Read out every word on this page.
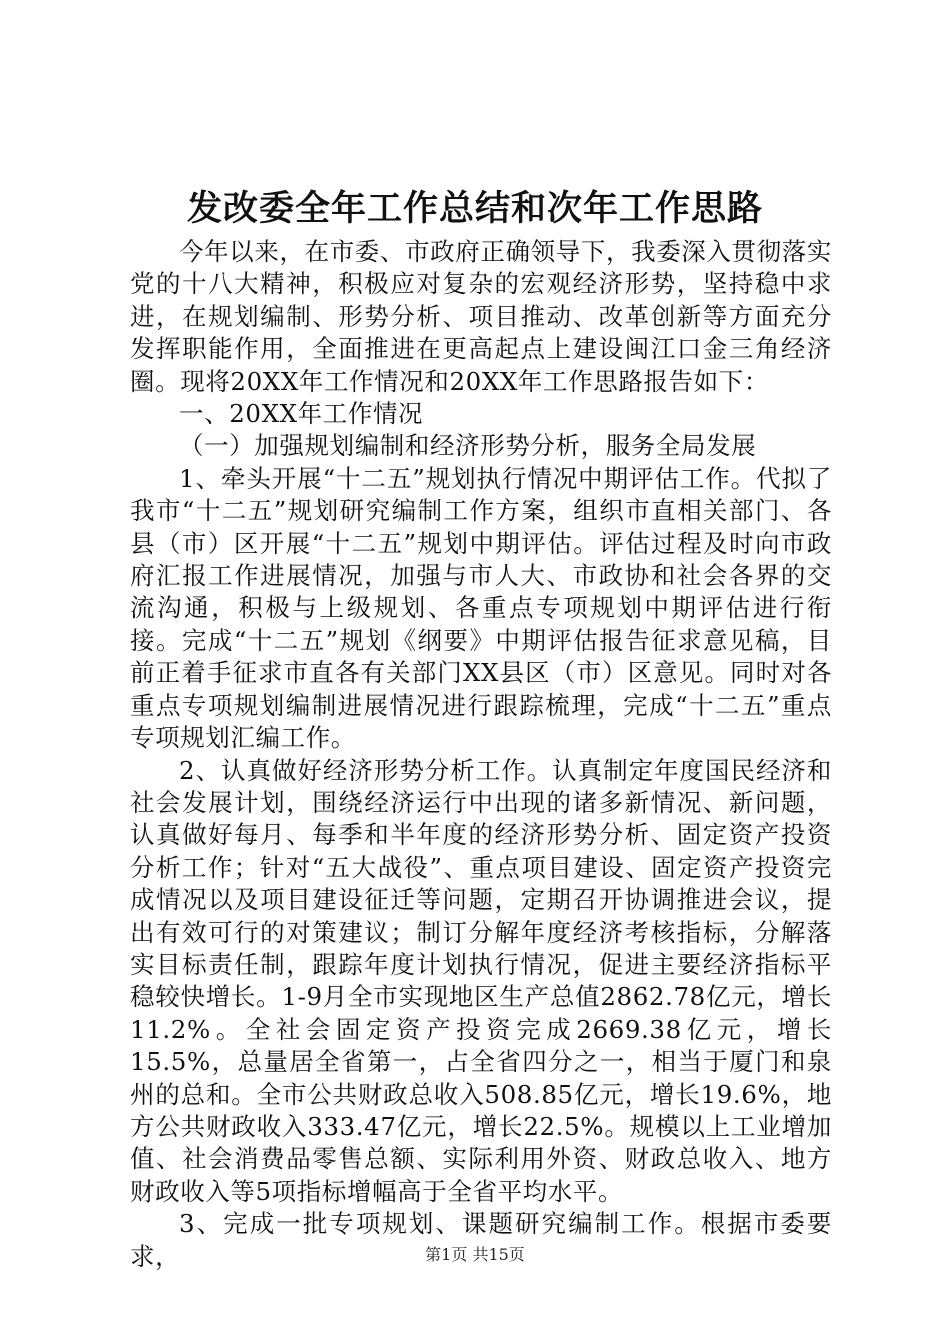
发改委全年工作总结和次年工作思路

今年以来，在市委、市政府正确领导下，我委深入贯彻落实党的十八大精神，积极应对复杂的宏观经济形势，坚持稳中求进，在规划编制、形势分析、项目推动、改革创新等方面充分发挥职能作用，全面推进在更高起点上建设闽江口金三角经济圈。现将20XX年工作情况和20XX年工作思路报告如下：

一、20XX年工作情况

（一）加强规划编制和经济形势分析，服务全局发展

1、牵头开展“十二五”规划执行情况中期评估工作。代拟了我市“十二五”规划研究编制工作方案，组织市直相关部门、各县（市）区开展“十二五”规划中期评估。评估过程及时向市政府汇报工作进展情况，加强与市人大、市政协和社会各界的交流沟通，积极与上级规划、各重点专项规划中期评估进行衔接。完成“十二五”规划《纲要》中期评估报告征求意见稿，目前正着手征求市直各有关部门XX县区（市）区意见。同时对各重点专项规划编制进展情况进行跟踪梳理，完成“十二五”重点专项规划汇编工作。

2、认真做好经济形势分析工作。认真制定年度国民经济和社会发展计划，围绕经济运行中出现的诸多新情况、新问题，认真做好每月、每季和半年度的经济形势分析、固定资产投资分析工作；针对“五大战役”、重点项目建设、固定资产投资完成情况以及项目建设征迁等问题，定期召开协调推进会议，提出有效可行的对策建议；制订分解年度经济考核指标，分解落实目标责任制，跟踪年度计划执行情况，促进主要经济指标平稳较快增长。1-9月全市实现地区生产总值2862.78亿元，增长11.2%。全社会固定资产投资完成2669.38亿元，增长15.5%，总量居全省第一，占全省四分之一，相当于厦门和泉州的总和。全市公共财政总收入508.85亿元，增长19.6%，地方公共财政收入333.47亿元，增长22.5%。规模以上工业增加值、社会消费品零售总额、实际利用外资、财政总收入、地方财政收入等5项指标增幅高于全省平均水平。

3、完成一批专项规划、课题研究编制工作。根据市委要求，	第1页 共15页
